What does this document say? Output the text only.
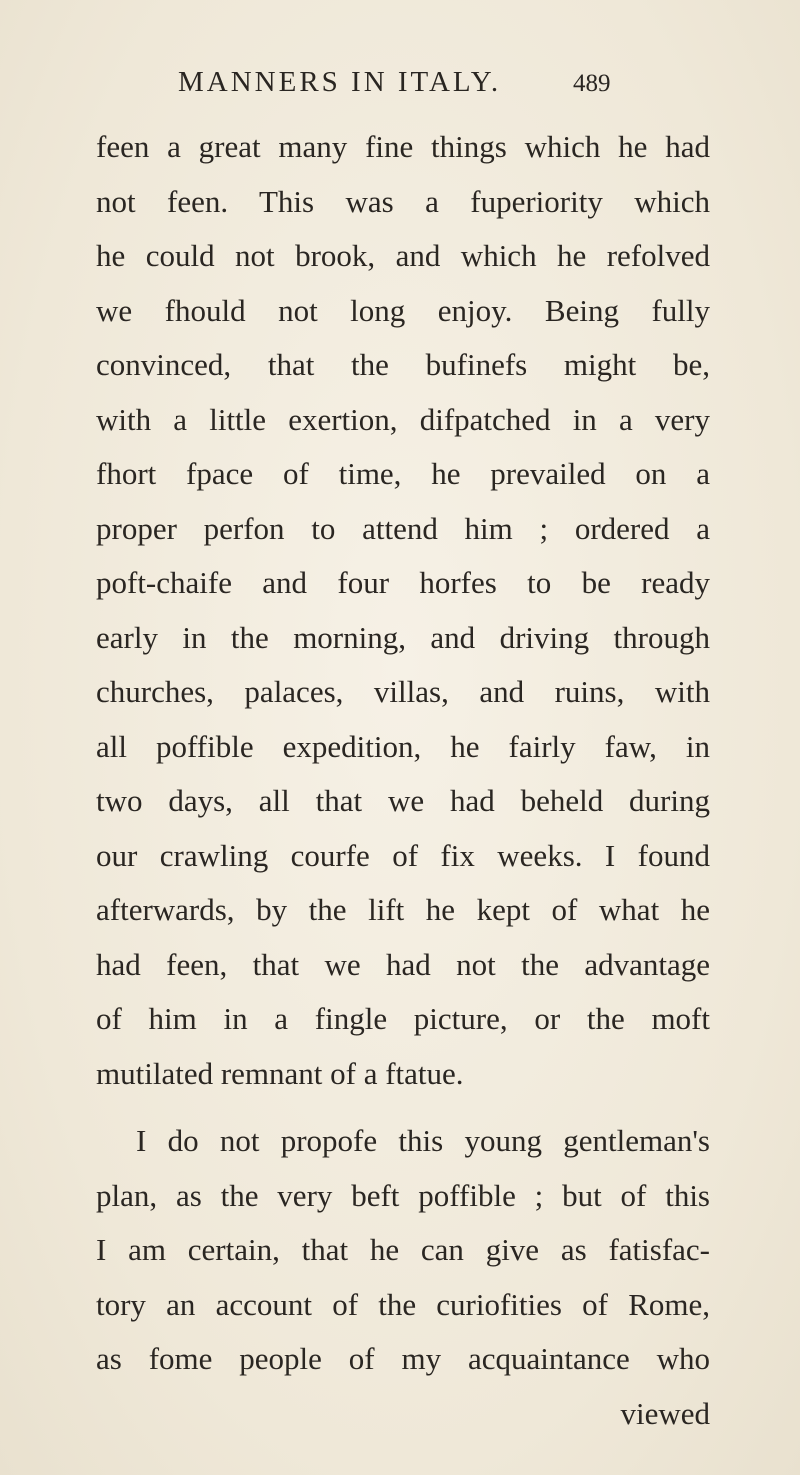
MANNERS IN ITALY.	489
feen a great many fine things which he had
not feen. This was a fuperiority which
he could not brook, and which he refolved
we fhould not long enjoy. Being fully
convinced, that the bufinefs might be,
with a little exertion, difpatched in a very
fhort fpace of time, he prevailed on a
proper perfon to attend him ; ordered a
poft-chaife and four horfes to be ready
early in the morning, and driving through
churches, palaces, villas, and ruins, with
all poffible expedition, he fairly faw, in
two days, all that we had beheld during
our crawling courfe of fix weeks. I found
afterwards, by the lift he kept of what he
had feen, that we had not the advantage
of him in a fingle picture, or the moft
mutilated remnant of a ftatue.
I do not propofe this young gentleman's
plan, as the very beft poffible ; but of this
I am certain, that he can give as fatisfac-
tory an account of the curiofities of Rome,
as fome people of my acquaintance who
viewed
